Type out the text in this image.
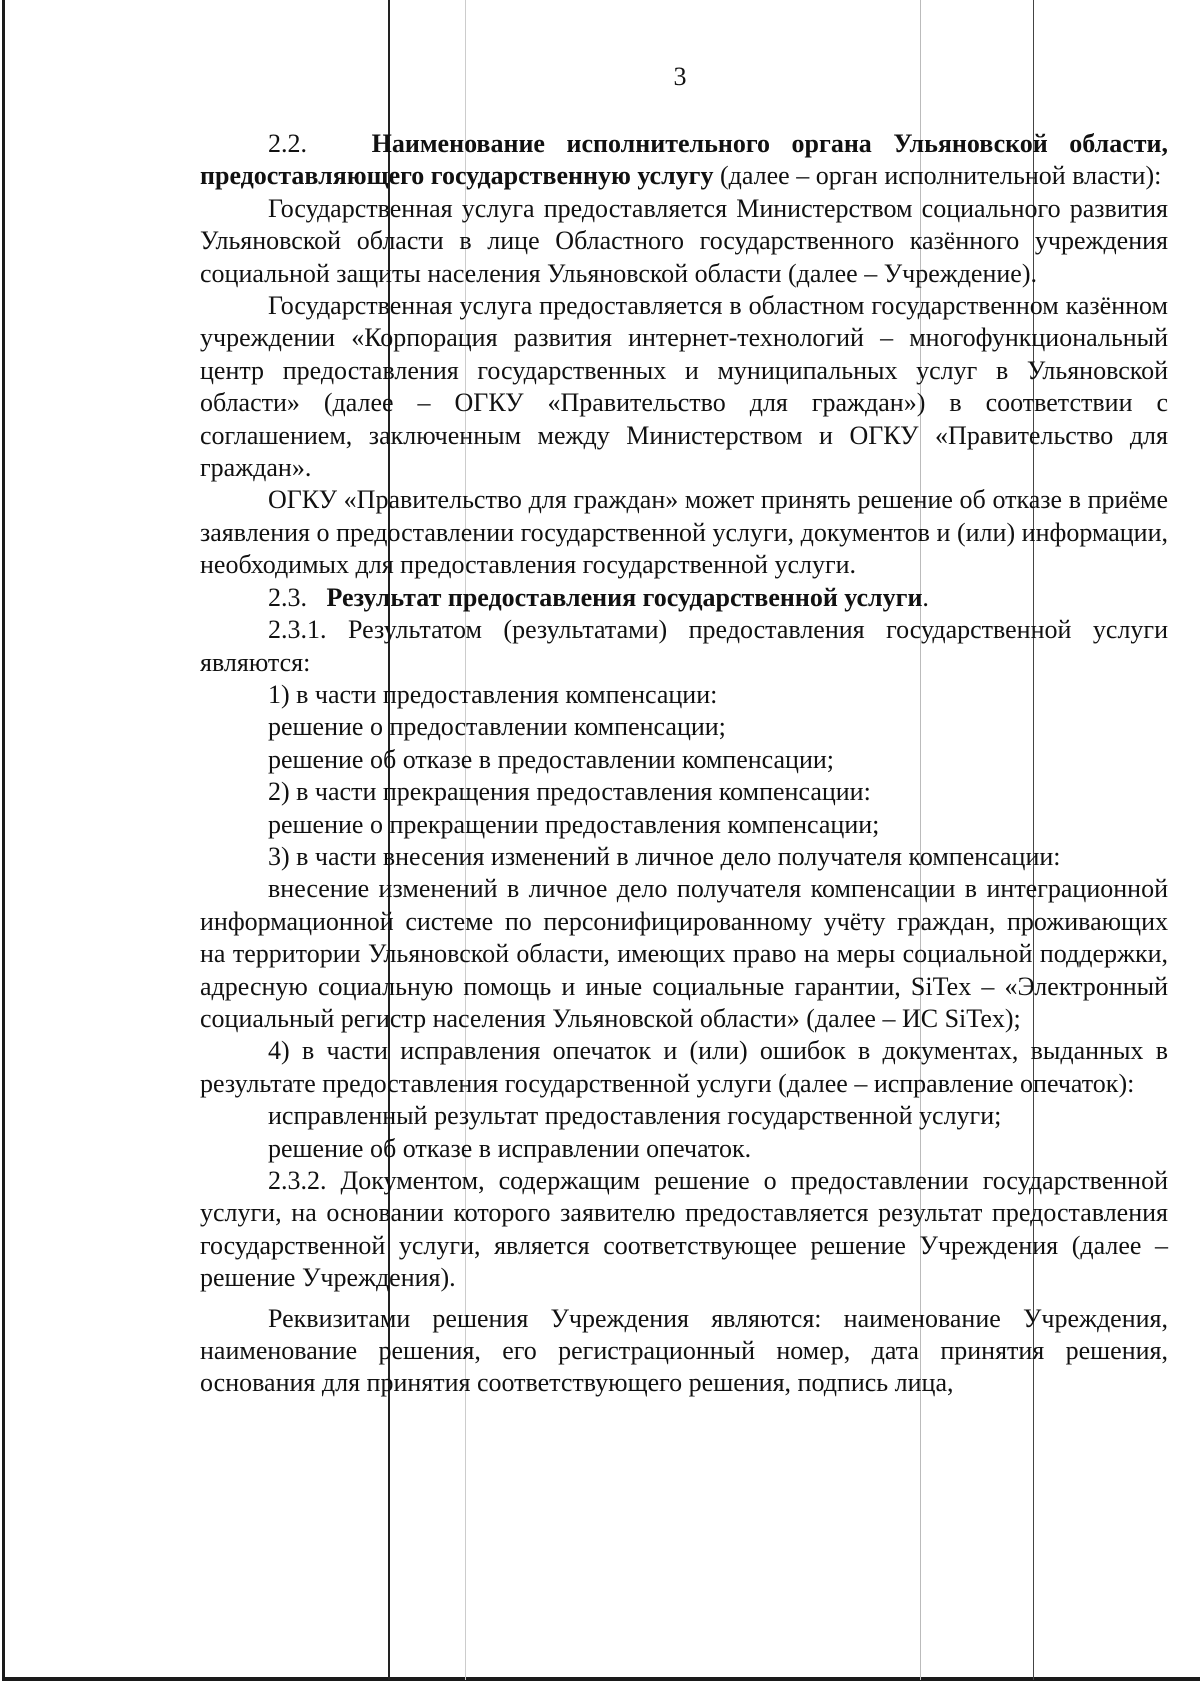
3

2.2. Наименование исполнительного органа Ульяновской области, предоставляющего государственную услугу (далее – орган исполнительной власти):

Государственная услуга предоставляется Министерством социального развития Ульяновской области в лице Областного государственного казённого учреждения социальной защиты населения Ульяновской области (далее – Учреждение).

Государственная услуга предоставляется в областном государственном казённом учреждении «Корпорация развития интернет-технологий – многофункциональный центр предоставления государственных и муниципальных услуг в Ульяновской области» (далее – ОГКУ «Правительство для граждан») в соответствии с соглашением, заключенным между Министерством и ОГКУ «Правительство для граждан».

ОГКУ «Правительство для граждан» может принять решение об отказе в приёме заявления о предоставлении государственной услуги, документов и (или) информации, необходимых для предоставления государственной услуги.

2.3. Результат предоставления государственной услуги.

2.3.1. Результатом (результатами) предоставления государственной услуги являются:

1) в части предоставления компенсации:

решение о предоставлении компенсации;

решение об отказе в предоставлении компенсации;

2) в части прекращения предоставления компенсации:

решение о прекращении предоставления компенсации;

3) в части внесения изменений в личное дело получателя компенсации:

внесение изменений в личное дело получателя компенсации в интеграционной информационной системе по персонифицированному учёту граждан, проживающих на территории Ульяновской области, имеющих право на меры социальной поддержки, адресную социальную помощь и иные социальные гарантии, SiTex – «Электронный социальный регистр населения Ульяновской области» (далее – ИС SiTex);

4) в части исправления опечаток и (или) ошибок в документах, выданных в результате предоставления государственной услуги (далее – исправление опечаток):

исправленный результат предоставления государственной услуги;

решение об отказе в исправлении опечаток.

2.3.2. Документом, содержащим решение о предоставлении государственной услуги, на основании которого заявителю предоставляется результат предоставления государственной услуги, является соответствующее решение Учреждения (далее – решение Учреждения).

Реквизитами решения Учреждения являются: наименование Учреждения, наименование решения, его регистрационный номер, дата принятия решения, основания для принятия соответствующего решения, подпись лица,
